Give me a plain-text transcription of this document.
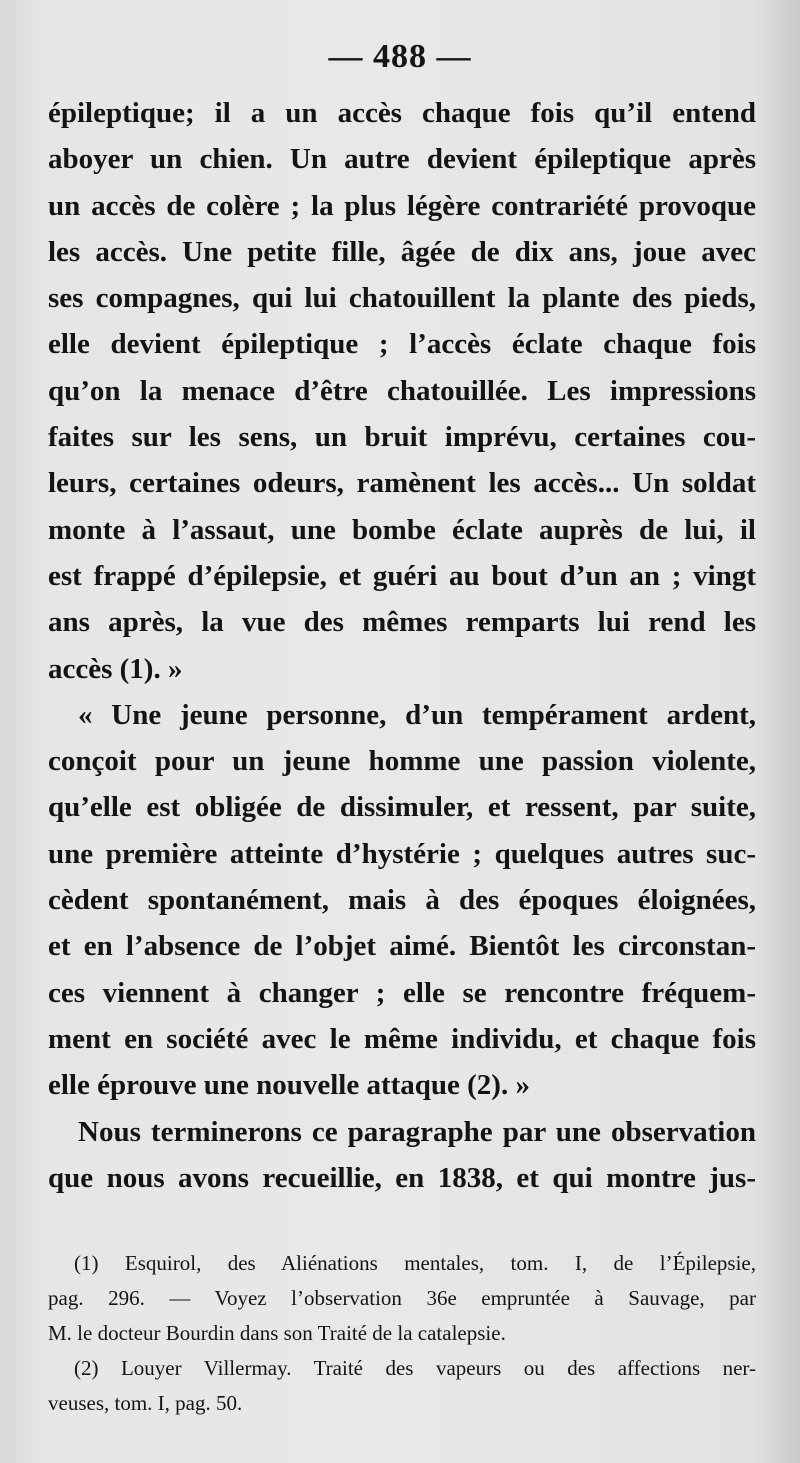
— 488 —
épileptique; il a un accès chaque fois qu’il entend
aboyer un chien. Un autre devient épileptique après
un accès de colère ; la plus légère contrariété provoque
les accès. Une petite fille, âgée de dix ans, joue avec
ses compagnes, qui lui chatouillent la plante des pieds,
elle devient épileptique ; l’accès éclate chaque fois
qu’on la menace d’être chatouillée. Les impressions
faites sur les sens, un bruit imprévu, certaines cou-
leurs, certaines odeurs, ramènent les accès... Un soldat
monte à l’assaut, une bombe éclate auprès de lui, il
est frappé d’épilepsie, et guéri au bout d’un an ; vingt
ans après, la vue des mêmes remparts lui rend les
accès (1). »
« Une jeune personne, d’un tempérament ardent,
conçoit pour un jeune homme une passion violente,
qu’elle est obligée de dissimuler, et ressent, par suite,
une première atteinte d’hystérie ; quelques autres suc-
cèdent spontanément, mais à des époques éloignées,
et en l’absence de l’objet aimé. Bientôt les circonstan-
ces viennent à changer ; elle se rencontre fréquem-
ment en société avec le même individu, et chaque fois
elle éprouve une nouvelle attaque (2). »
Nous terminerons ce paragraphe par une observation
que nous avons recueillie, en 1838, et qui montre jus-
(1) Esquirol, des Aliénations mentales, tom. I, de l’Épilepsie,
pag. 296. — Voyez l’observation 36e empruntée à Sauvage, par
M. le docteur Bourdin dans son Traité de la catalepsie.
(2) Louyer Villermay. Traité des vapeurs ou des affections ner-
veuses, tom. I, pag. 50.
